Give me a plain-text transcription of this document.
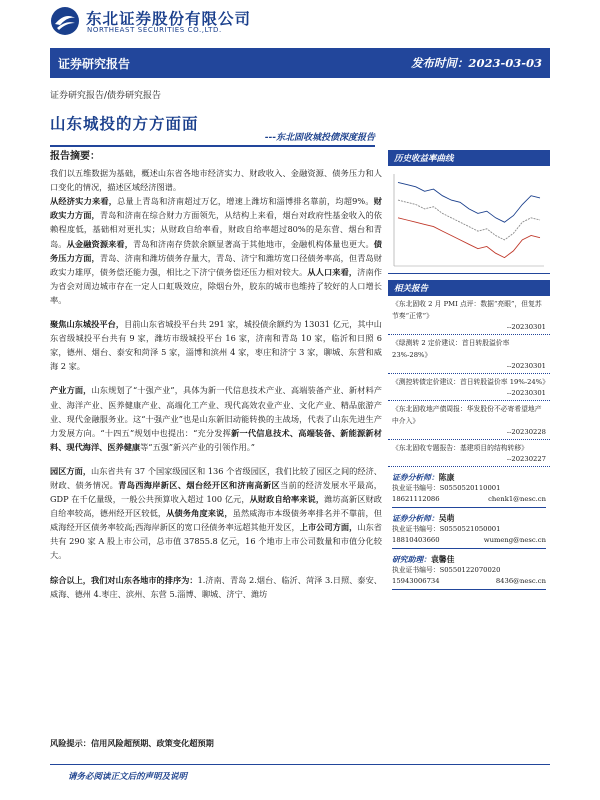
东北证券股份有限公司
NORTHEAST SECURITIES CO.,LTD.
证券研究报告	发布时间：2023-03-03
证券研究报告/债券研究报告
山东城投的方方面面
---东北固收城投债深度报告
报告摘要：

我们以五维数据为基础，概述山东省各地市经济实力、财政收入、金融资源、债务压力和人口变化的情况，描述区域经济图谱。
从经济实力来看，总量上青岛和济南超过万亿，增速上潍坊和淄博排名靠前，均超9%。财政实力方面，青岛和济南在综合财力方面领先，从结构上来看，烟台对政府性基金收入的依赖程度低，基础相对更扎实；从财政自给率看，财政自给率超过80%的是东营、烟台和青岛。从金融资源来看，青岛和济南存贷款余额显著高于其他地市，金融机构体量也更大。债务压力方面，青岛、济南和潍坊债务存量大，青岛、济宁和潍坊宽口径债务率高，但青岛财政实力雄厚，债务偿还能力强，相比之下济宁债务偿还压力相对较大。从人口来看，济南作为省会对周边城市存在一定人口虹吸效应，除烟台外，胶东的城市也维持了较好的人口增长率。

聚焦山东城投平台，目前山东省城投平台共 291 家，城投债余额约为 13031 亿元，其中山东省级城投平台共有 9 家，潍坊市级城投平台 16 家，济南和青岛 10 家，临沂和日照 6 家，德州、烟台、泰安和菏泽 5 家，淄博和滨州 4 家，枣庄和济宁 3 家，聊城、东营和威海 2 家。

产业方面，山东规划了“十强产业”，具体为新一代信息技术产业、高端装备产业、新材料产业、海洋产业、医养健康产业、高端化工产业、现代高效农业产业、文化产业、精品旅游产业、现代金融服务业。这“十强产业”也是山东新旧动能转换的主战场，代表了山东先进生产力发展方向。“十四五”规划中也提出：“充分发挥新一代信息技术、高端装备、新能源新材料、现代海洋、医养健康等“五强”新兴产业的引领作用。”

园区方面，山东省共有 37 个国家级园区和 136 个省级园区，我们比较了园区之间的经济、财政、债务情况。青岛西海岸新区、烟台经开区和济南高新区当前的经济发展水平最高，GDP 在千亿量级，一般公共预算收入超过 100 亿元，从财政自给率来说，潍坊高新区财政自给率较高，德州经开区较低，从债务角度来说，虽然威海市本级债务率排名并不靠前，但威海经开区债务率较高;西海岸新区的宽口径债务率远超其他开发区，上市公司方面，山东省共有 290 家 A 股上市公司，总市值 37855.8 亿元，16 个地市上市公司数量和市值分化较大。

综合以上，我们对山东各地市的排序为：1.济南、青岛 2.烟台、临沂、菏泽 3.日照、泰安、威海、德州 4.枣庄、滨州、东营 5.淄博、聊城、济宁、潍坊

风险提示：信用风险超预期、政策变化超预期
历史收益率曲线
相关报告
《东北固收 2 月 PMI 点评：数据“亮眼”，但复苏节奏“正常”》
--20230301
《绿测转 2 定价建议：首日转股溢价率 23%-28%》
--20230301
《测控转债定价建议：首日转股溢价率 19%-24%》
--20230301
《东北固收地产债周报：华发股份不必寄希望地产中介入》
--20230228
《东北固收专题报告：基建项目的结构转移》
--20230227
证券分析师：陈康
执业证书编号：S0550520110001
18621112086	chenk1@nesc.cn
证券分析师：吴萌
执业证书编号：S0550521050001
18810403660	wumeng@nesc.cn
研究助理：袁馨佳
执业证书编号：S0550122070020
15943006734	8436@nesc.cn
请务必阅读正文后的声明及说明
